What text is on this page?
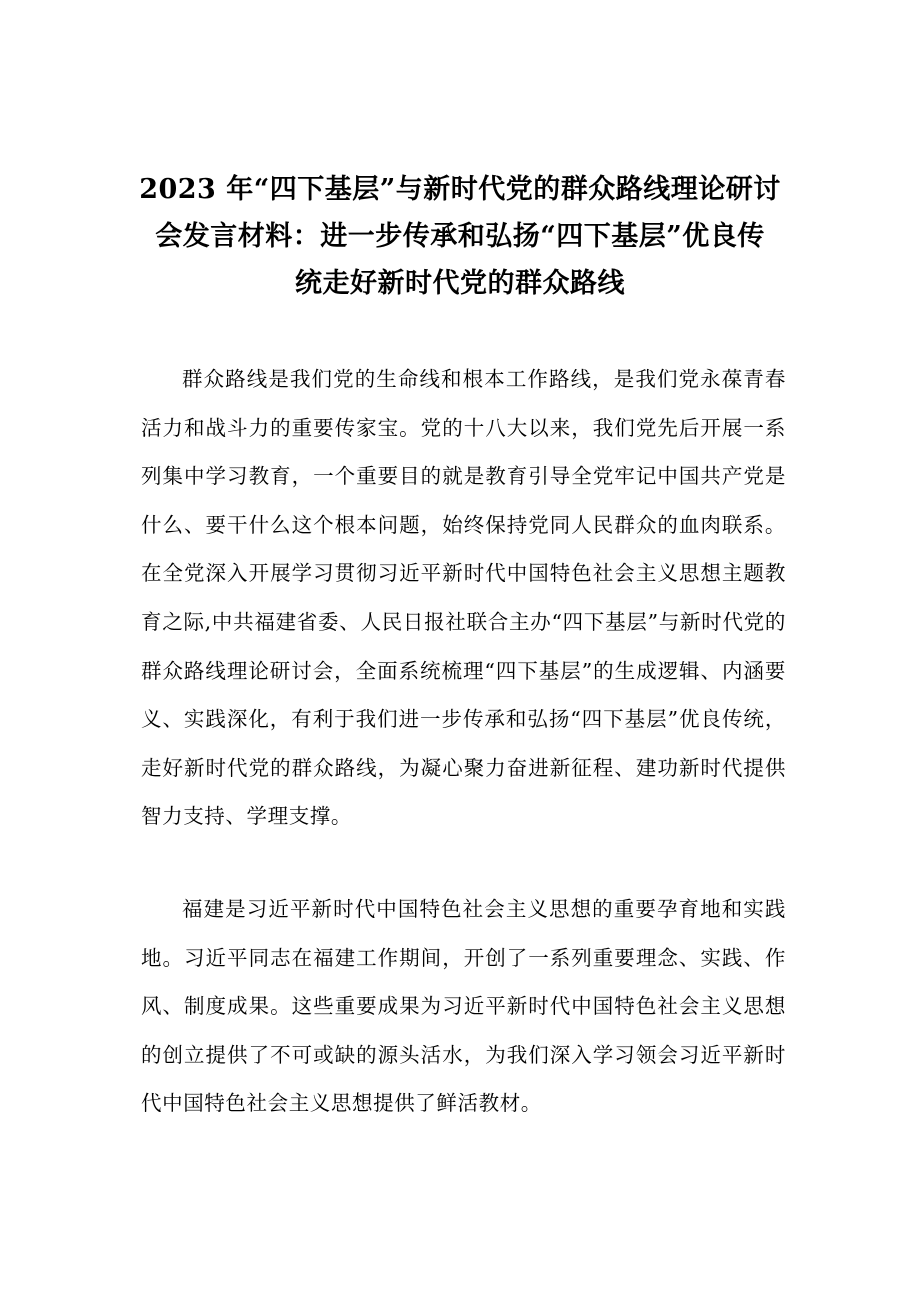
2023 年“四下基层”与新时代党的群众路线理论研讨
会发言材料：进一步传承和弘扬“四下基层”优良传
统走好新时代党的群众路线

群众路线是我们党的生命线和根本工作路线，是我们党永葆青春活力和战斗力的重要传家宝。党的十八大以来，我们党先后开展一系列集中学习教育，一个重要目的就是教育引导全党牢记中国共产党是什么、要干什么这个根本问题，始终保持党同人民群众的血肉联系。在全党深入开展学习贯彻习近平新时代中国特色社会主义思想主题教育之际,中共福建省委、人民日报社联合主办“四下基层”与新时代党的群众路线理论研讨会，全面系统梳理“四下基层”的生成逻辑、内涵要义、实践深化，有利于我们进一步传承和弘扬“四下基层”优良传统，走好新时代党的群众路线，为凝心聚力奋进新征程、建功新时代提供智力支持、学理支撑。

福建是习近平新时代中国特色社会主义思想的重要孕育地和实践地。习近平同志在福建工作期间，开创了一系列重要理念、实践、作风、制度成果。这些重要成果为习近平新时代中国特色社会主义思想的创立提供了不可或缺的源头活水，为我们深入学习领会习近平新时代中国特色社会主义思想提供了鲜活教材。
